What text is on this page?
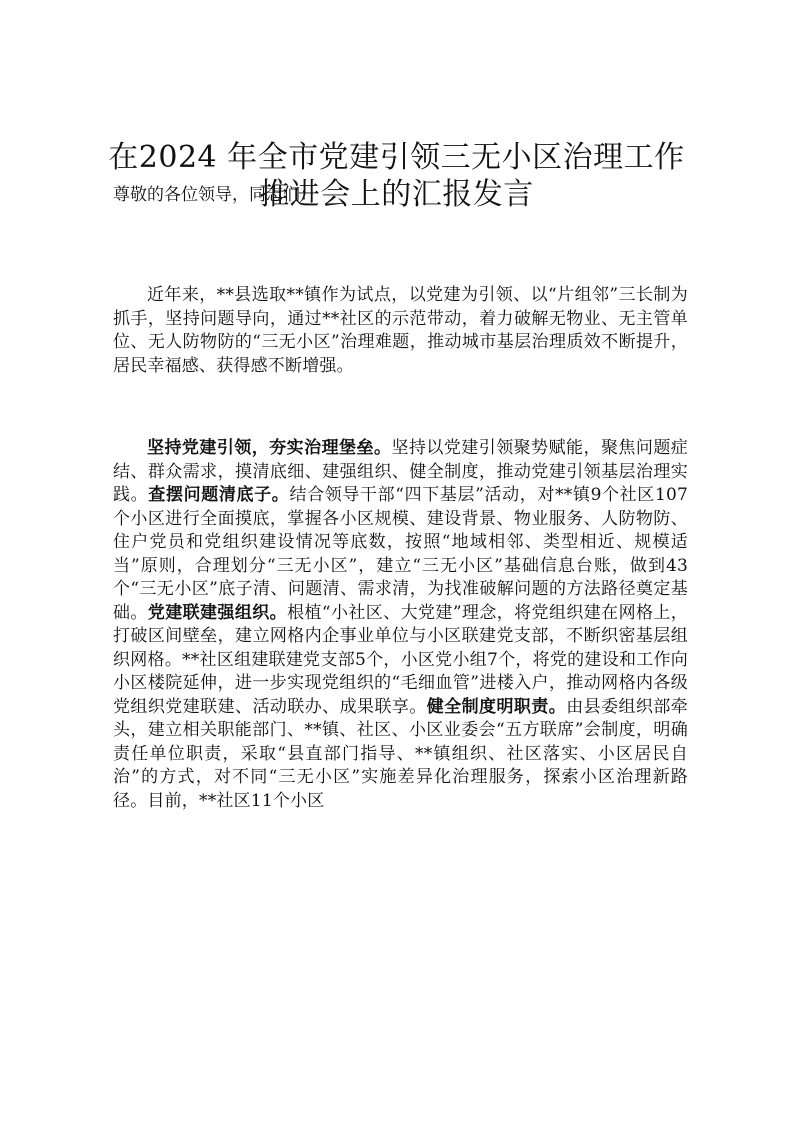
在2024 年全市党建引领三无小区治理工作推进会上的汇报发言

尊敬的各位领导，同志们：

近年来，**县选取**镇作为试点，以党建为引领、以“片组邻”三长制为抓手，坚持问题导向，通过**社区的示范带动，着力破解无物业、无主管单位、无人防物防的“三无小区”治理难题，推动城市基层治理质效不断提升，居民幸福感、获得感不断增强。

坚持党建引领，夯实治理堡垒。坚持以党建引领聚势赋能，聚焦问题症结、群众需求，摸清底细、建强组织、健全制度，推动党建引领基层治理实践。查摆问题清底子。结合领导干部“四下基层”活动，对**镇9个社区107个小区进行全面摸底，掌握各小区规模、建设背景、物业服务、人防物防、住户党员和党组织建设情况等底数，按照“地域相邻、类型相近、规模适当”原则，合理划分“三无小区”，建立“三无小区”基础信息台账，做到43个“三无小区”底子清、问题清、需求清，为找准破解问题的方法路径奠定基础。党建联建强组织。根植“小社区、大党建”理念，将党组织建在网格上，打破区间壁垒，建立网格内企事业单位与小区联建党支部，不断织密基层组织网格。**社区组建联建党支部5个，小区党小组7个，将党的建设和工作向小区楼院延伸，进一步实现党组织的“毛细血管”进楼入户，推动网格内各级党组织党建联建、活动联办、成果联享。健全制度明职责。由县委组织部牵头，建立相关职能部门、**镇、社区、小区业委会“五方联席”会制度，明确责任单位职责，采取“县直部门指导、**镇组织、社区落实、小区居民自治”的方式，对不同“三无小区”实施差异化治理服务，探索小区治理新路径。目前，**社区11个小区
